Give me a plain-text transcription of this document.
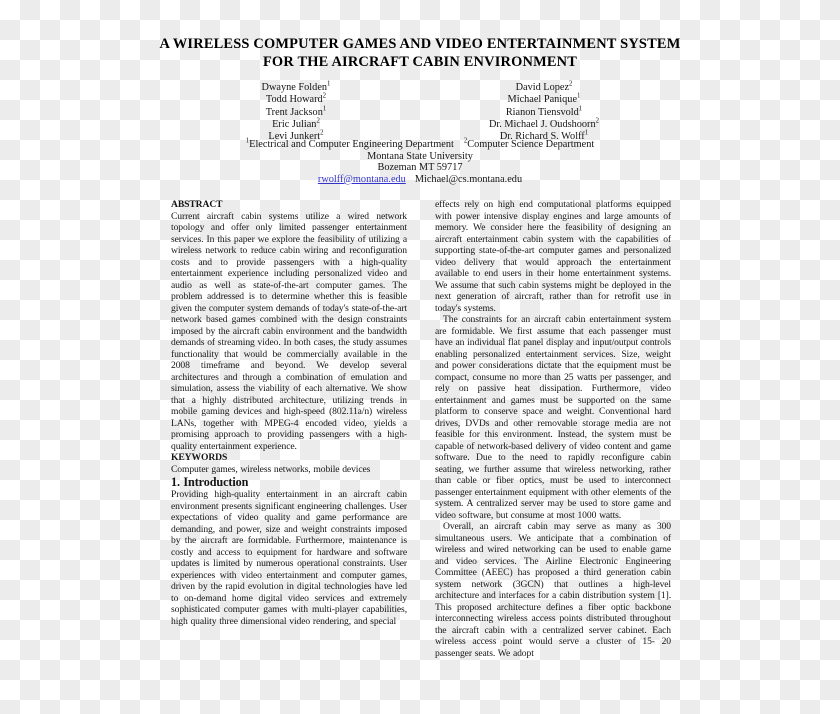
A WIRELESS COMPUTER GAMES AND VIDEO ENTERTAINMENT SYSTEM
FOR THE AIRCRAFT CABIN ENVIRONMENT
Dwayne Folden$^1$
Todd Howard$^2$
Trent Jackson$^1$
Eric Julian$^2$
Levi Junkert$^2$
David Lopez$^2$
Michael Panique$^1$
Rianon Tiensvold$^1$
Dr. Michael J. Oudshoorn$^2$
Dr. Richard S. Wolff$^1$
$^1$Electrical and Computer Engineering Department $^2$Computer Science Department
Montana State University
Bozeman MT 59717
rwolff@montana.edu Michael@cs.montana.edu

ABSTRACT

Current aircraft cabin systems utilize a wired network topology and offer only limited passenger entertainment services. In this paper we explore the feasibility of utilizing a wireless network to reduce cabin wiring and reconfiguration costs and to provide passengers with a high-quality entertainment experience including personalized video and audio as well as state-of-the-art computer games. The problem addressed is to determine whether this is feasible given the computer system demands of today's state-of-the-art network based games combined with the design constraints imposed by the aircraft cabin environment and the bandwidth demands of streaming video. In both cases, the study assumes functionality that would be commercially available in the 2008 timeframe and beyond. We develop several architectures and through a combination of emulation and simulation, assess the viability of each alternative. We show that a highly distributed architecture, utilizing trends in mobile gaming devices and high-speed (802.11a/n) wireless LANs, together with MPEG-4 encoded video, yields a promising approach to providing passengers with a high-quality entertainment experience.

KEYWORDS

Computer games, wireless networks, mobile devices

1. Introduction

Providing high-quality entertainment in an aircraft cabin environment presents significant engineering challenges. User expectations of video quality and game performance are demanding, and power, size and weight constraints imposed by the aircraft are formidable. Furthermore, maintenance is costly and access to equipment for hardware and software updates is limited by numerous operational constraints. User experiences with video entertainment and computer games, driven by the rapid evolution in digital technologies have led to on-demand home digital video services and extremely sophisticated computer games with multi-player capabilities, high quality three dimensional video rendering, and special

effects rely on high end computational platforms equipped with power intensive display engines and large amounts of memory. We consider here the feasibility of designing an aircraft entertainment cabin system with the capabilities of supporting state-of-the-art computer games and personalized video delivery that would approach the entertainment available to end users in their home entertainment systems. We assume that such cabin systems might be deployed in the next generation of aircraft, rather than for retrofit use in today's systems.

The constraints for an aircraft cabin entertainment system are formidable. We first assume that each passenger must have an individual flat panel display and input/output controls enabling personalized entertainment services. Size, weight and power considerations dictate that the equipment must be compact, consume no more than 25 watts per passenger, and rely on passive heat dissipation. Furthermore, video entertainment and games must be supported on the same platform to conserve space and weight. Conventional hard drives, DVDs and other removable storage media are not feasible for this environment. Instead, the system must be capable of network-based delivery of video content and game software. Due to the need to rapidly reconfigure cabin seating, we further assume that wireless networking, rather than cable or fiber optics, must be used to interconnect passenger entertainment equipment with other elements of the system. A centralized server may be used to store game and video software, but consume at most 1000 watts.

Overall, an aircraft cabin may serve as many as 300 simultaneous users. We anticipate that a combination of wireless and wired networking can be used to enable game and video services. The Airline Electronic Engineering Committee (AEEC) has proposed a third generation cabin system network (3GCN) that outlines a high-level architecture and interfaces for a cabin distribution system [1]. This proposed architecture defines a fiber optic backbone interconnecting wireless access points distributed throughout the aircraft cabin with a centralized server cabinet. Each wireless access point would serve a cluster of 15- 20 passenger seats. We adopt
